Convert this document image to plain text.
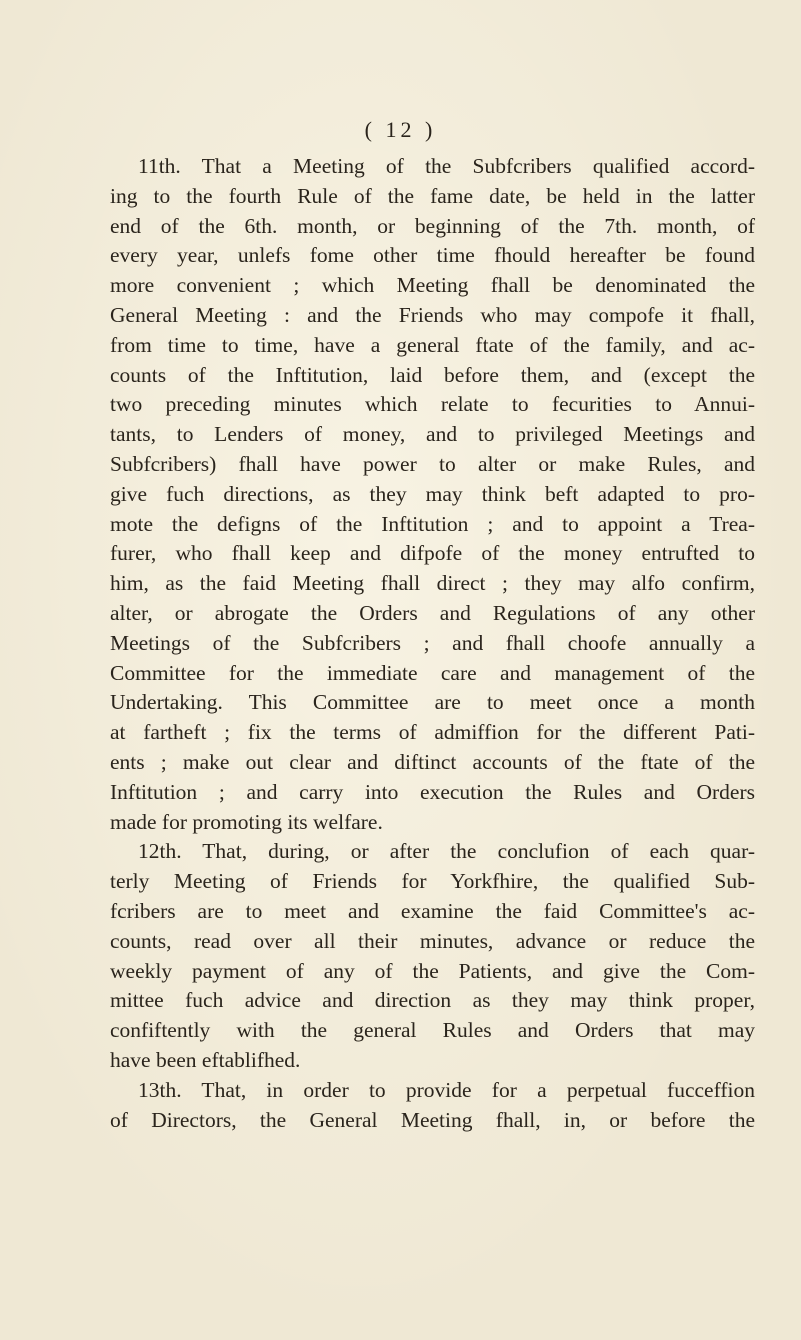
( 12 )
11th. That a Meeting of the Subfcribers qualified accord-
ing to the fourth Rule of the fame date, be held in the latter
end of the 6th. month, or beginning of the 7th. month, of
every year, unlefs fome other time fhould hereafter be found
more convenient ; which Meeting fhall be denominated the
General Meeting : and the Friends who may compofe it fhall,
from time to time, have a general ftate of the family, and ac-
counts of the Inftitution, laid before them, and (except the
two preceding minutes which relate to fecurities to Annui-
tants, to Lenders of money, and to privileged Meetings and
Subfcribers) fhall have power to alter or make Rules, and
give fuch directions, as they may think beft adapted to pro-
mote the defigns of the Inftitution ; and to appoint a Trea-
furer, who fhall keep and difpofe of the money entrufted to
him, as the faid Meeting fhall direct ; they may alfo confirm,
alter, or abrogate the Orders and Regulations of any other
Meetings of the Subfcribers ; and fhall choofe annually a
Committee for the immediate care and management of the
Undertaking. This Committee are to meet once a month
at fartheft ; fix the terms of admiffion for the different Pati-
ents ; make out clear and diftinct accounts of the ftate of the
Inftitution ; and carry into execution the Rules and Orders
made for promoting its welfare.
12th. That, during, or after the conclufion of each quar-
terly Meeting of Friends for Yorkfhire, the qualified Sub-
fcribers are to meet and examine the faid Committee's ac-
counts, read over all their minutes, advance or reduce the
weekly payment of any of the Patients, and give the Com-
mittee fuch advice and direction as they may think proper,
confiftently with the general Rules and Orders that may
have been eftablifhed.
13th. That, in order to provide for a perpetual fucceffion
of Directors, the General Meeting fhall, in, or before the
